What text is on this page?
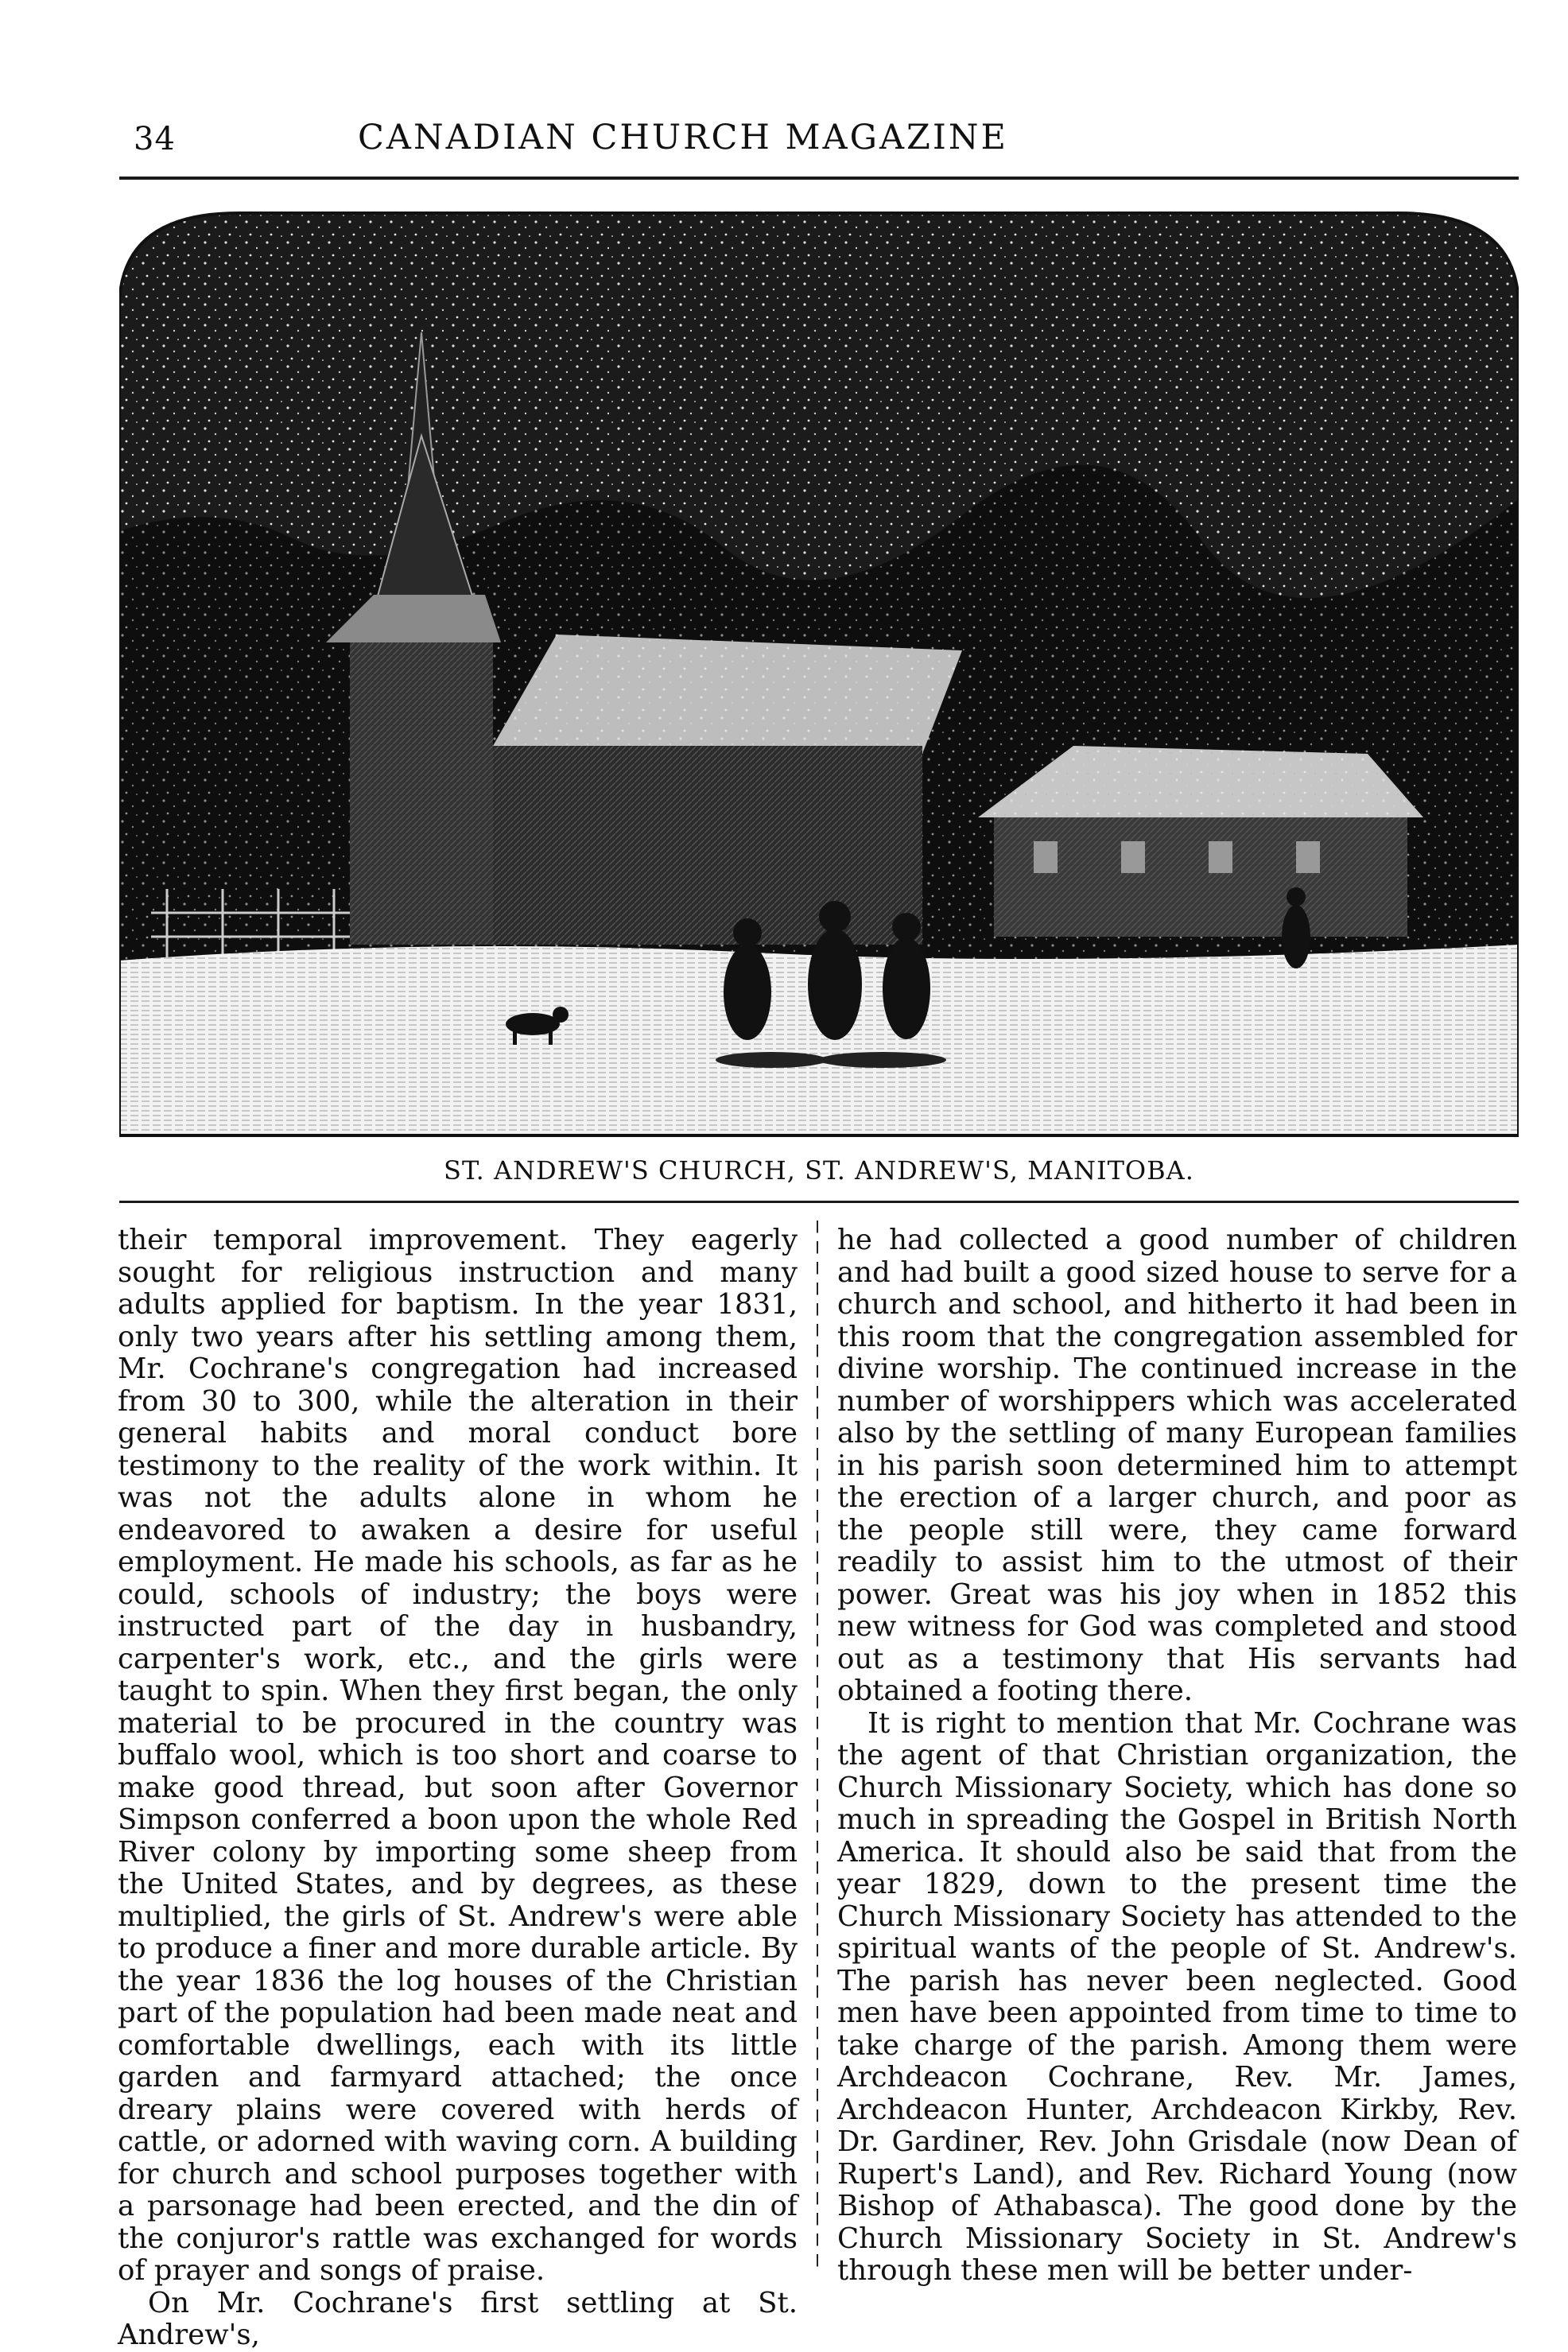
34	CANADIAN CHURCH MAGAZINE
ST. ANDREW'S CHURCH, ST. ANDREW'S, MANITOBA.

their temporal improvement. They eagerly sought for religious instruction and many adults applied for baptism. In the year 1831, only two years after his settling among them, Mr. Cochrane's congregation had increased from 30 to 300, while the alteration in their general habits and moral conduct bore testimony to the reality of the work within. It was not the adults alone in whom he endeavored to awaken a desire for useful employment. He made his schools, as far as he could, schools of industry; the boys were instructed part of the day in husbandry, carpenter's work, etc., and the girls were taught to spin. When they first began, the only material to be procured in the country was buffalo wool, which is too short and coarse to make good thread, but soon after Governor Simpson conferred a boon upon the whole Red River colony by importing some sheep from the United States, and by degrees, as these multiplied, the girls of St. Andrew's were able to produce a finer and more durable article. By the year 1836 the log houses of the Christian part of the population had been made neat and comfortable dwellings, each with its little garden and farmyard attached; the once dreary plains were covered with herds of cattle, or adorned with waving corn. A building for church and school purposes together with a parsonage had been erected, and the din of the conjuror's rattle was exchanged for words of prayer and songs of praise.

On Mr. Cochrane's first settling at St. Andrew's,

he had collected a good number of children and had built a good sized house to serve for a church and school, and hitherto it had been in this room that the congregation assembled for divine worship. The continued increase in the number of worshippers which was accelerated also by the settling of many European families in his parish soon determined him to attempt the erection of a larger church, and poor as the people still were, they came forward readily to assist him to the utmost of their power. Great was his joy when in 1852 this new witness for God was completed and stood out as a testimony that His servants had obtained a footing there.

It is right to mention that Mr. Cochrane was the agent of that Christian organization, the Church Missionary Society, which has done so much in spreading the Gospel in British North America. It should also be said that from the year 1829, down to the present time the Church Missionary Society has attended to the spiritual wants of the people of St. Andrew's. The parish has never been neglected. Good men have been appointed from time to time to take charge of the parish. Among them were Archdeacon Cochrane, Rev. Mr. James, Archdeacon Hunter, Archdeacon Kirkby, Rev. Dr. Gardiner, Rev. John Grisdale (now Dean of Rupert's Land), and Rev. Richard Young (now Bishop of Athabasca). The good done by the Church Missionary Society in St. Andrew's through these men will be better under-
